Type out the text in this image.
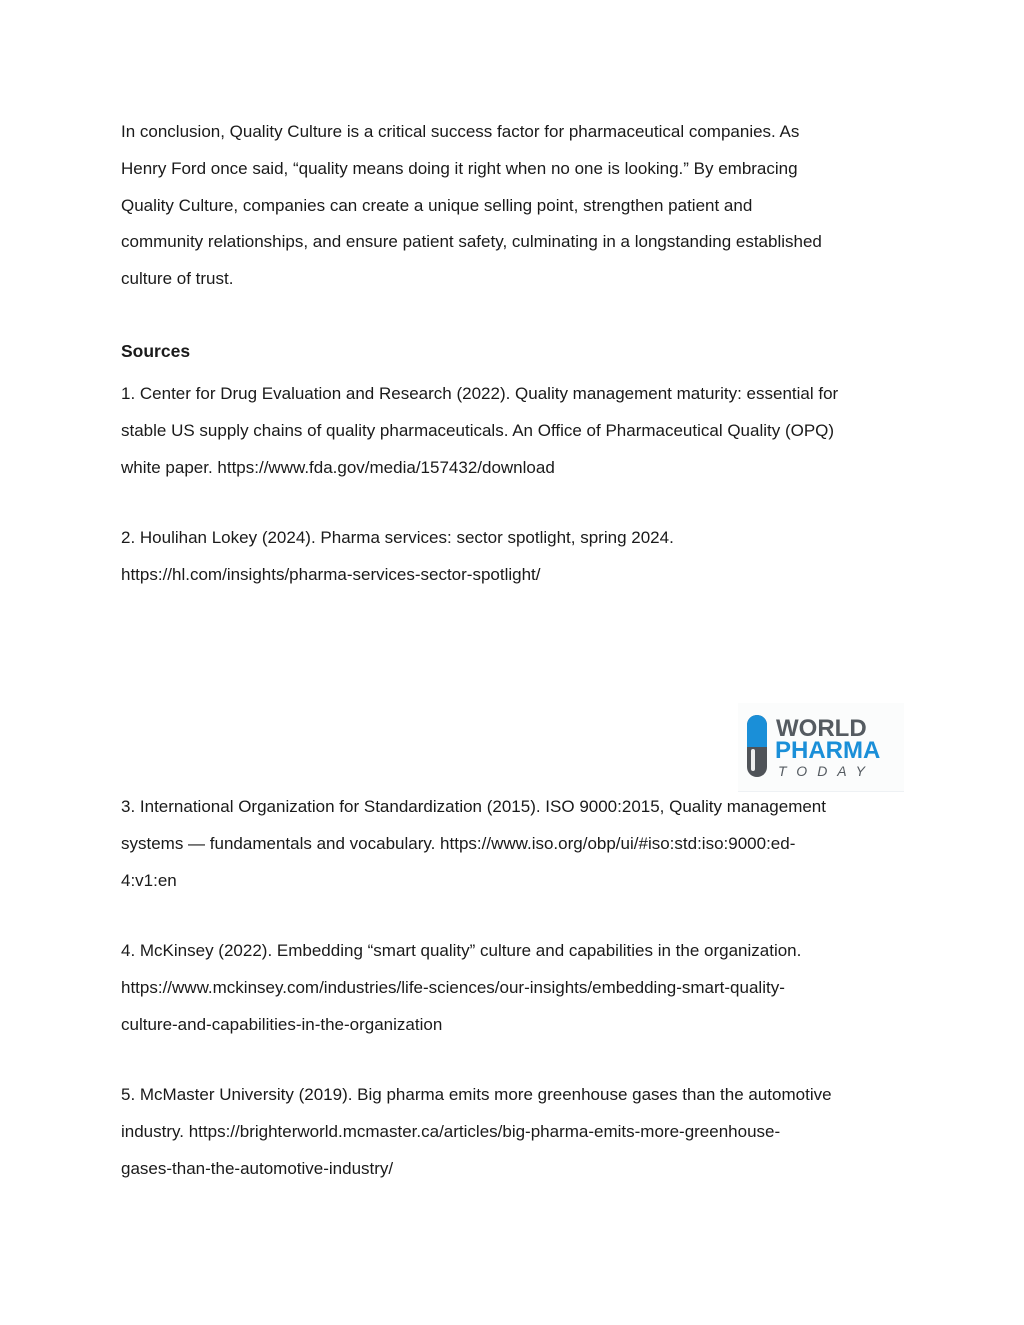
In conclusion, Quality Culture is a critical success factor for pharmaceutical companies. As
Henry Ford once said, “quality means doing it right when no one is looking.” By embracing
Quality Culture, companies can create a unique selling point, strengthen patient and
community relationships, and ensure patient safety, culminating in a longstanding established
culture of trust.

Sources

1. Center for Drug Evaluation and Research (2022). Quality management maturity: essential for
stable US supply chains of quality pharmaceuticals. An Office of Pharmaceutical Quality (OPQ)
white paper. https://www.fda.gov/media/157432/download

2. Houlihan Lokey (2024). Pharma services: sector spotlight, spring 2024.
https://hl.com/insights/pharma-services-sector-spotlight/

WORLD
PHARMA
TODAY

3. International Organization for Standardization (2015). ISO 9000:2015, Quality management
systems — fundamentals and vocabulary. https://www.iso.org/obp/ui/#iso:std:iso:9000:ed-
4:v1:en

4. McKinsey (2022). Embedding “smart quality” culture and capabilities in the organization.
https://www.mckinsey.com/industries/life-sciences/our-insights/embedding-smart-quality-
culture-and-capabilities-in-the-organization

5. McMaster University (2019). Big pharma emits more greenhouse gases than the automotive
industry. https://brighterworld.mcmaster.ca/articles/big-pharma-emits-more-greenhouse-
gases-than-the-automotive-industry/
